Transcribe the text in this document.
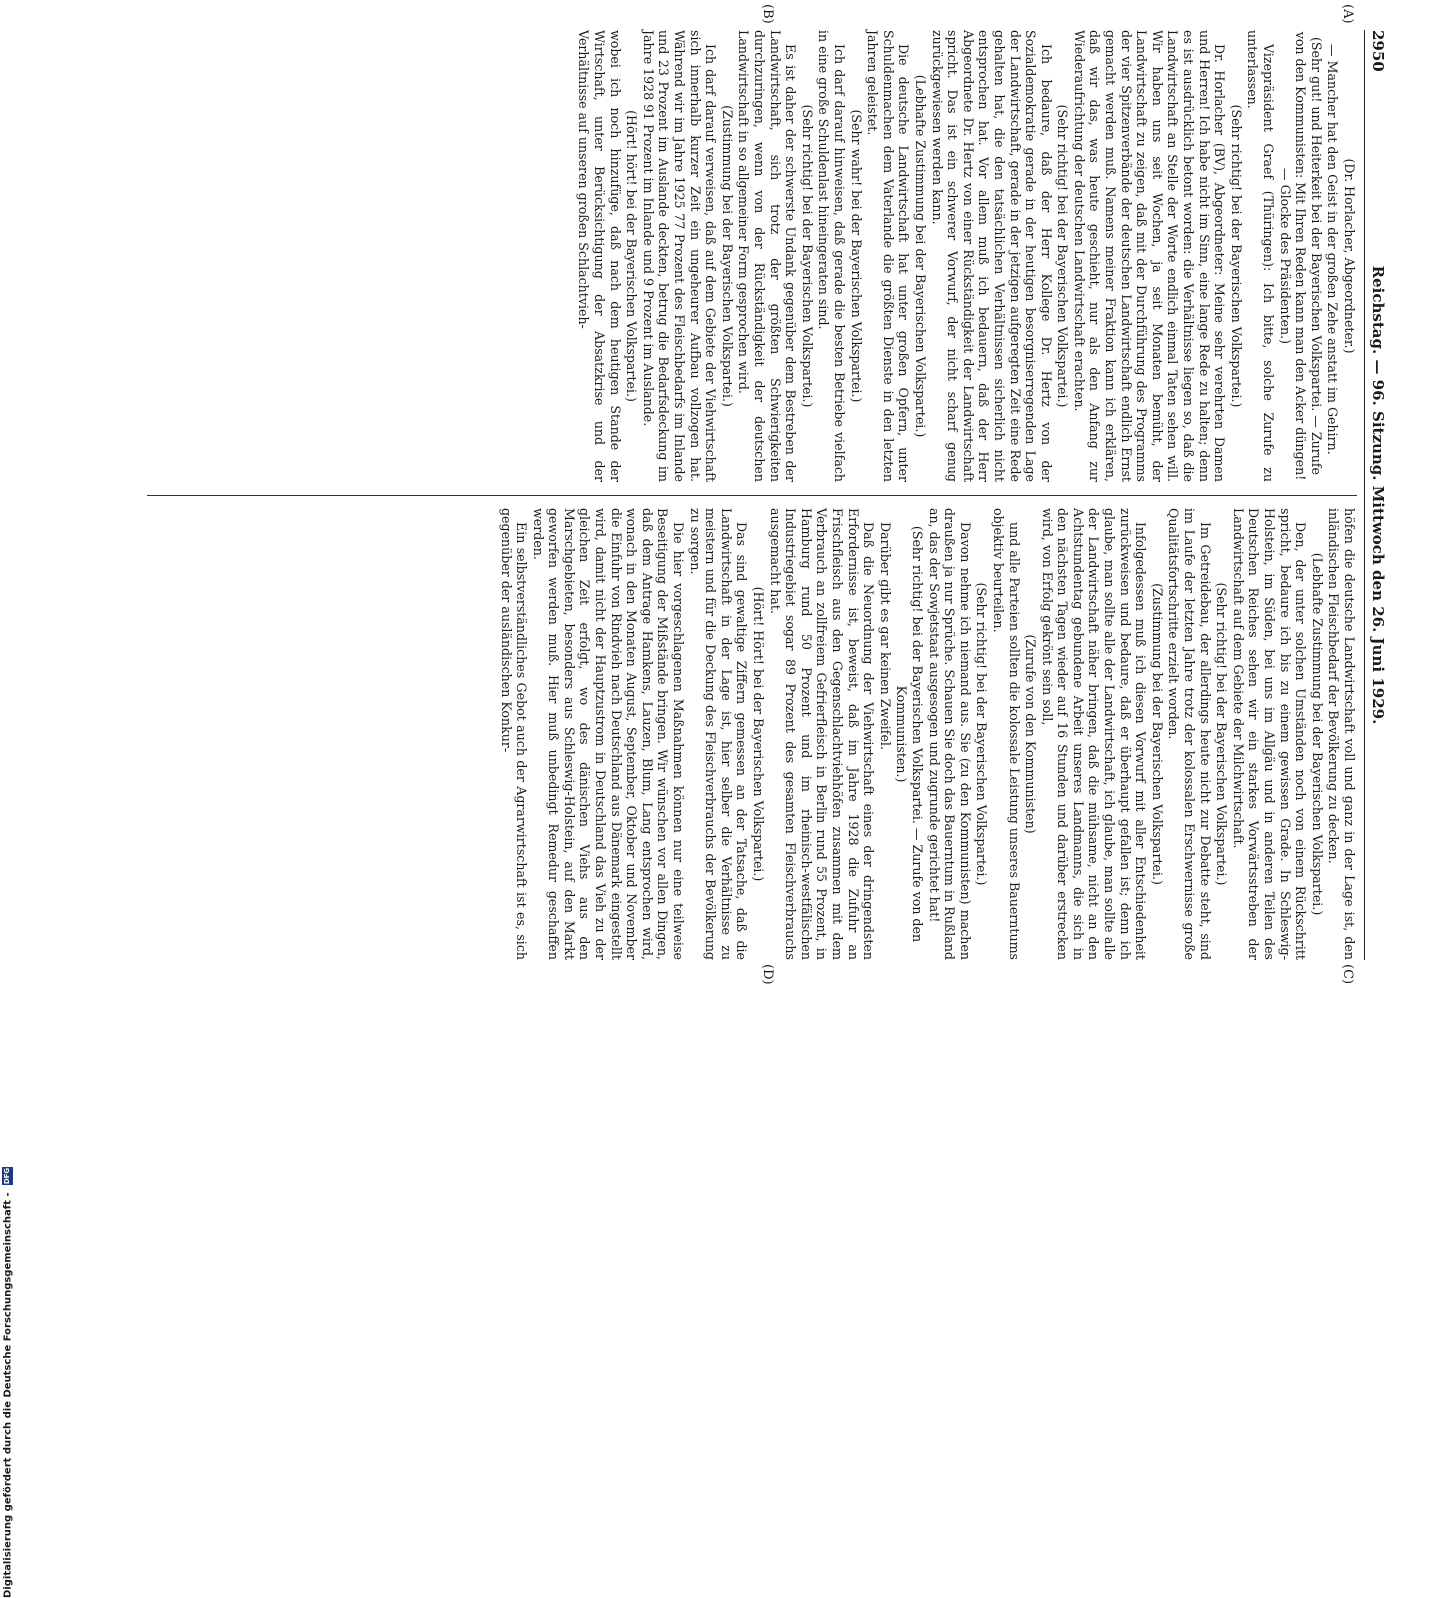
2950
Reichstag. — 96. Sitzung. Mittwoch den 26. Juni 1929.
(A)
(B)
(C)
(D)

(Dr. Horlacher, Abgeordneter.)

— Mancher hat den Geist in der großen Zehe anstatt im Gehirn.

(Sehr gut! und Heiterkeit bei der Bayerischen Volkspartei. — Zurufe von den Kommunisten: Mit Ihren Reden kann man den Acker düngen! — Glocke des Präsidenten.)

Vizepräsident Graef (Thüringen): Ich bitte, solche Zurufe zu unterlassen.

(Sehr richtig! bei der Bayerischen Volkspartei.)

Dr. Horlacher (BV), Abgeordneter: Meine sehr verehrten Damen und Herren! Ich habe nicht im Sinn, eine lange Rede zu halten; denn es ist ausdrücklich betont worden: die Verhältnisse liegen so, daß die Landwirtschaft an Stelle der Worte endlich einmal Taten sehen will. Wir haben uns seit Wochen, ja seit Monaten bemüht, der Landwirtschaft zu zeigen, daß mit der Durchführung des Programms der vier Spitzenverbände der deutschen Landwirtschaft endlich Ernst gemacht werden muß. Namens meiner Fraktion kann ich erklären, daß wir das, was heute geschieht, nur als den Anfang zur Wiederaufrichtung der deutschen Landwirtschaft erachten.

(Sehr richtig! bei der Bayerischen Volkspartei.)

Ich bedaure, daß der Herr Kollege Dr. Hertz von der Sozialdemokratie gerade in der heutigen besorgniserregenden Lage der Landwirtschaft, gerade in der jetzigen aufgeregten Zeit eine Rede gehalten hat, die den tatsächlichen Verhältnissen sicherlich nicht entsprochen hat. Vor allem muß ich bedauern, daß der Herr Abgeordnete Dr. Hertz von einer Rückständigkeit der Landwirtschaft spricht. Das ist ein schwerer Vorwurf, der nicht scharf genug zurückgewiesen werden kann.

(Lebhafte Zustimmung bei der Bayerischen Volkspartei.)

Die deutsche Landwirtschaft hat unter großen Opfern, unter Schuldenmachen dem Vaterlande die größten Dienste in den letzten Jahren geleistet.

(Sehr wahr! bei der Bayerischen Volkspartei.)

Ich darf darauf hinweisen, daß gerade die besten Betriebe vielfach in eine große Schuldenlast hineingeraten sind.

(Sehr richtig! bei der Bayerischen Volkspartei.)

Es ist daher der schwerste Undank gegenüber dem Bestreben der Landwirtschaft, sich trotz der größten Schwierigkeiten durchzuringen, wenn von der Rückständigkeit der deutschen Landwirtschaft in so allgemeiner Form gesprochen wird.

(Zustimmung bei der Bayerischen Volkspartei.)

Ich darf darauf verweisen, daß auf dem Gebiete der Viehwirtschaft sich innerhalb kurzer Zeit ein ungeheurer Aufbau vollzogen hat. Während wir im Jahre 1925 77 Prozent des Fleischbedarfs im Inlande und 23 Prozent im Auslande deckten, betrug die Bedarfsdeckung im Jahre 1928 91 Prozent im Inlande und 9 Prozent im Auslande.

(Hört! hört! bei der Bayerischen Volkspartei.)

wobei ich noch hinzufüge, daß nach dem heutigen Stande der Wirtschaft, unter Berücksichtigung der Absatzkrise und der Verhältnisse auf unseren großen Schlachtvieh-

höfen die deutsche Landwirtschaft voll und ganz in der Lage ist, den inländischen Fleischbedarf der Bevölkerung zu decken.

(Lebhafte Zustimmung bei der Bayerischen Volkspartei.)

Den, der unter solchen Umständen noch von einem Rückschritt spricht, bedaure ich bis zu einem gewissen Grade. In Schleswig-Holstein, im Süden, bei uns im Allgäu und in anderen Teilen des Deutschen Reiches sehen wir ein starkes Vorwärtsstreben der Landwirtschaft auf dem Gebiete der Milchwirtschaft.

(Sehr richtig! bei der Bayerischen Volkspartei.)

Im Getreidebau, der allerdings heute nicht zur Debatte steht, sind im Laufe der letzten Jahre trotz der kolossalen Erschwernisse große Qualitätsfortschritte erzielt worden.

(Zustimmung bei der Bayerischen Volkspartei.)

Infolgedessen muß ich diesen Vorwurf mit aller Entschiedenheit zurückweisen und bedaure, daß er überhaupt gefallen ist; denn ich glaube, man sollte alle der Landwirtschaft, ich glaube, man sollte alle der Landwirtschaft näher bringen, daß die mühsame, nicht an den Achtstundentag gebundene Arbeit unseres Landmanns, die sich in den nächsten Tagen wieder auf 16 Stunden und darüber erstrecken wird, von Erfolg gekrönt sein soll,

(Zurufe von den Kommunisten)

und alle Parteien sollten die kolossale Leistung unseres Bauerntums objektiv beurteilen.

(Sehr richtig! bei der Bayerischen Volkspartei.)

Davon nehme ich niemand aus. Sie (zu den Kommunisten) machen draußen ja nur Sprüche. Schauen Sie doch das Bauerntum in Rußland an, das der Sowjetstaat ausgesogen und zugrunde gerichtet hat!

(Sehr richtig! bei der Bayerischen Volkspartei. — Zurufe von den Kommunisten.)

Darüber gibt es gar keinen Zweifel.

Daß die Neuordnung der Viehwirtschaft eines der dringendsten Erfordernisse ist, beweist, daß im Jahre 1928 die Zufuhr an Frischfleisch aus den Gegenschlachtviehhöfen zusammen mit dem Verbrauch an zollfreiem Gefrierfleisch in Berlin rund 55 Prozent, in Hamburg rund 50 Prozent und im rheinisch-westfälischen Industriegebiet sogar 89 Prozent des gesamten Fleischverbrauchs ausgemacht hat.

(Hört! Hört! bei der Bayerischen Volkspartei.)

Das sind gewaltige Ziffern gemessen an der Tatsache, daß die Landwirtschaft in der Lage ist, hier selber die Verhältnisse zu meistern und für die Deckung des Fleischverbrauchs der Bevölkerung zu sorgen.

Die hier vorgeschlagenen Maßnahmen können nur eine teilweise Beseitigung der Mißstände bringen. Wir wünschen vor allen Dingen, daß dem Antrage Hamkens, Lauzen, Blum, Lang entsprochen wird, wonach in den Monaten August, September, Oktober und November die Einfuhr von Rindvieh nach Deutschland aus Dänemark eingestellt wird, damit nicht der Hauptzustrom in Deutschland das Vieh zu der gleichen Zeit erfolgt, wo des dänischen Viehs aus den Marschgebieten, besonders aus Schleswig-Holstein, auf den Markt geworfen werden muß. Hier muß unbedingt Remedur geschaffen werden.

Ein selbstverständliches Gebot auch der Agrarwirtschaft ist es, sich gegenüber der ausländischen Konkur-

Digitalisierung gefördert durch die Deutsche Forschungsgemeinschaft - DFG
